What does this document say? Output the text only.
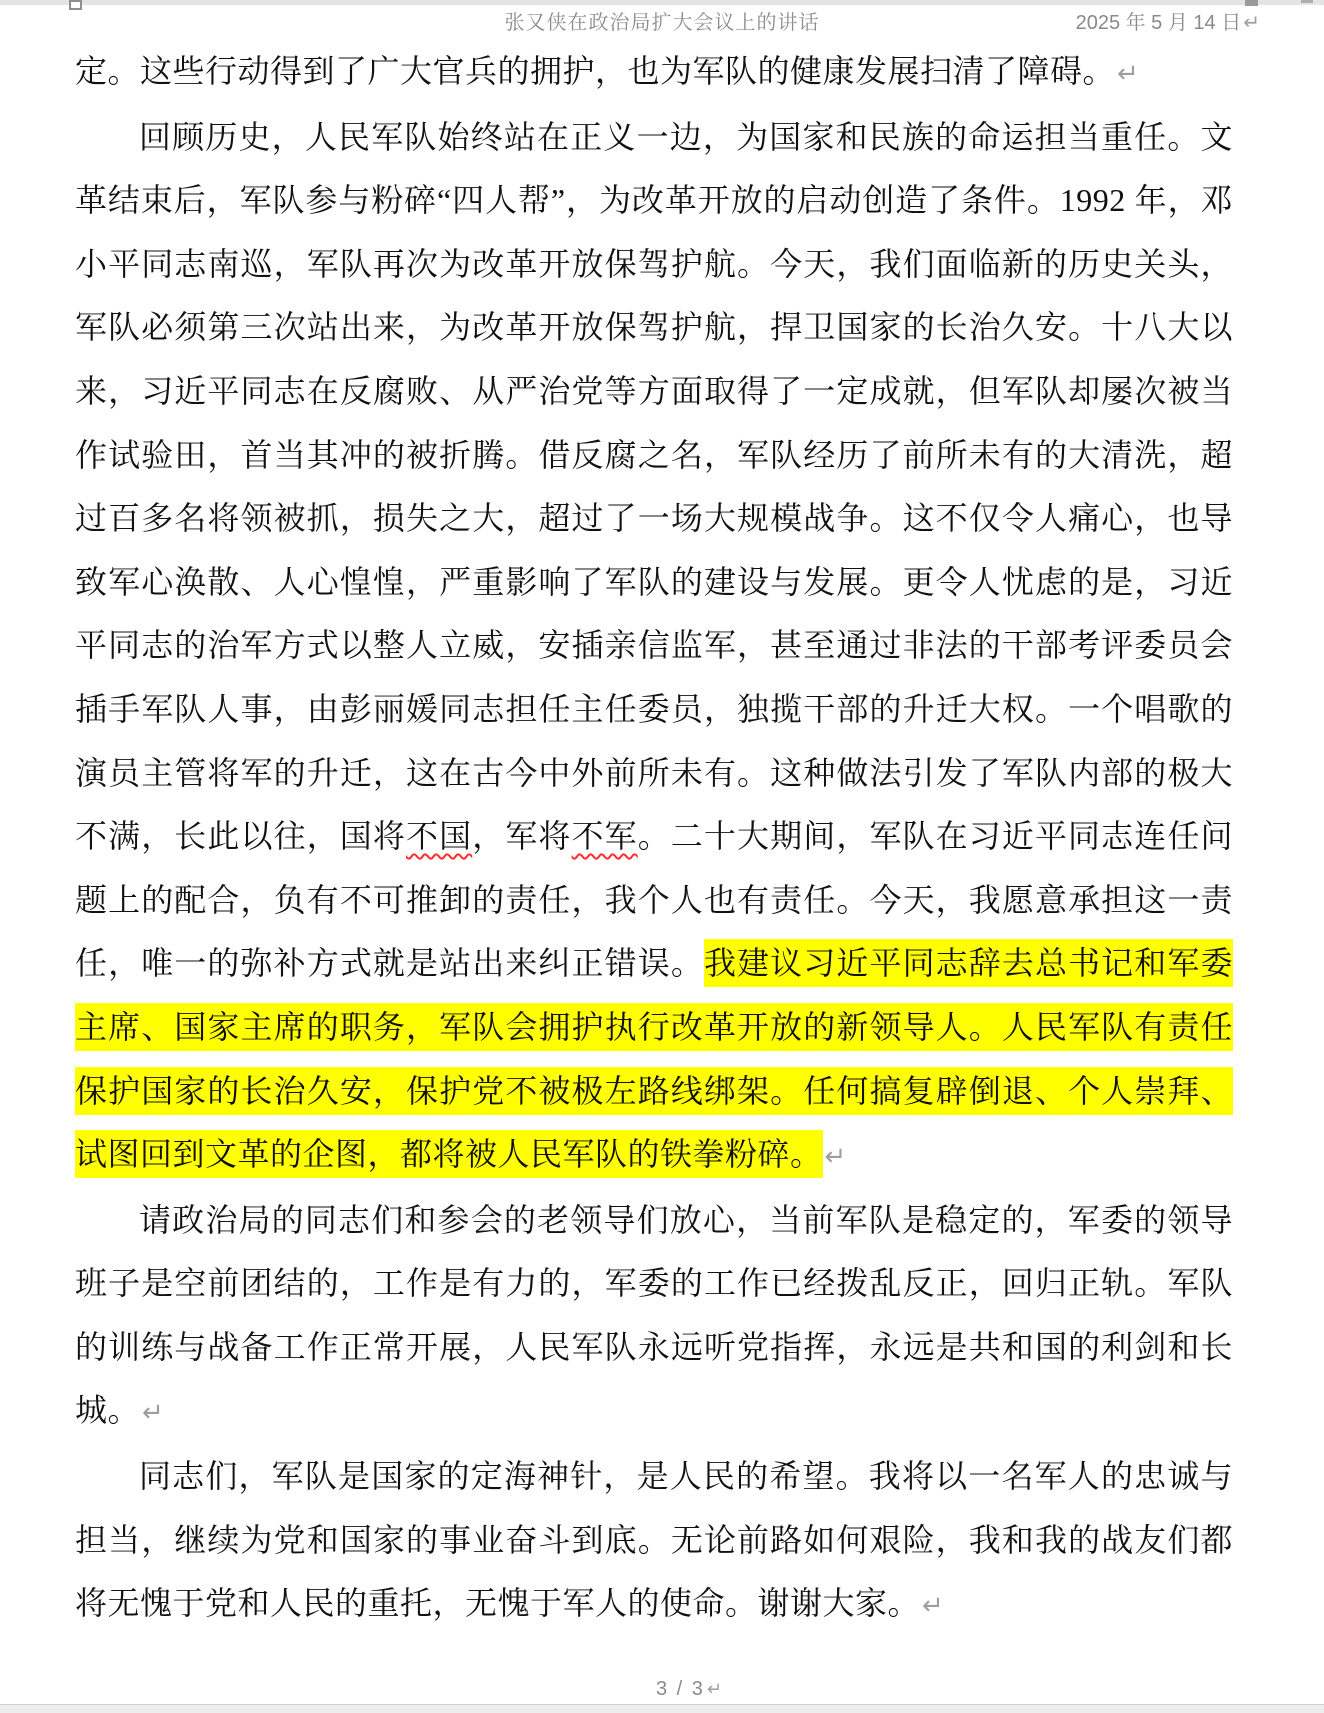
张又侠在政治局扩大会议上的讲话	2025 年 5 月 14 日 ↵

定。这些行动得到了广大官兵的拥护，也为军队的健康发展扫清了障碍。↵

回顾历史，人民军队始终站在正义一边，为国家和民族的命运担当重任。文革结束后，军队参与粉碎“四人帮”，为改革开放的启动创造了条件。1992 年，邓小平同志南巡，军队再次为改革开放保驾护航。今天，我们面临新的历史关头，军队必须第三次站出来，为改革开放保驾护航，捍卫国家的长治久安。十八大以来，习近平同志在反腐败、从严治党等方面取得了一定成就，但军队却屡次被当作试验田，首当其冲的被折腾。借反腐之名，军队经历了前所未有的大清洗，超过百多名将领被抓，损失之大，超过了一场大规模战争。这不仅令人痛心，也导致军心涣散、人心惶惶，严重影响了军队的建设与发展。更令人忧虑的是，习近平同志的治军方式以整人立威，安插亲信监军，甚至通过非法的干部考评委员会插手军队人事，由彭丽媛同志担任主任委员，独揽干部的升迁大权。一个唱歌的演员主管将军的升迁，这在古今中外前所未有。这种做法引发了军队内部的极大不满，长此以往，国将不国，军将不军。二十大期间，军队在习近平同志连任问题上的配合，负有不可推卸的责任，我个人也有责任。今天，我愿意承担这一责任，唯一的弥补方式就是站出来纠正错误。我建议习近平同志辞去总书记和军委主席、国家主席的职务，军队会拥护执行改革开放的新领导人。人民军队有责任保护国家的长治久安，保护党不被极左路线绑架。任何搞复辟倒退、个人崇拜、试图回到文革的企图，都将被人民军队的铁拳粉碎。↵

请政治局的同志们和参会的老领导们放心，当前军队是稳定的，军委的领导班子是空前团结的，工作是有力的，军委的工作已经拨乱反正，回归正轨。军队的训练与战备工作正常开展，人民军队永远听党指挥，永远是共和国的利剑和长城。↵

同志们，军队是国家的定海神针，是人民的希望。我将以一名军人的忠诚与担当，继续为党和国家的事业奋斗到底。无论前路如何艰险，我和我的战友们都将无愧于党和人民的重托，无愧于军人的使命。谢谢大家。↵

3 / 3 ↵
